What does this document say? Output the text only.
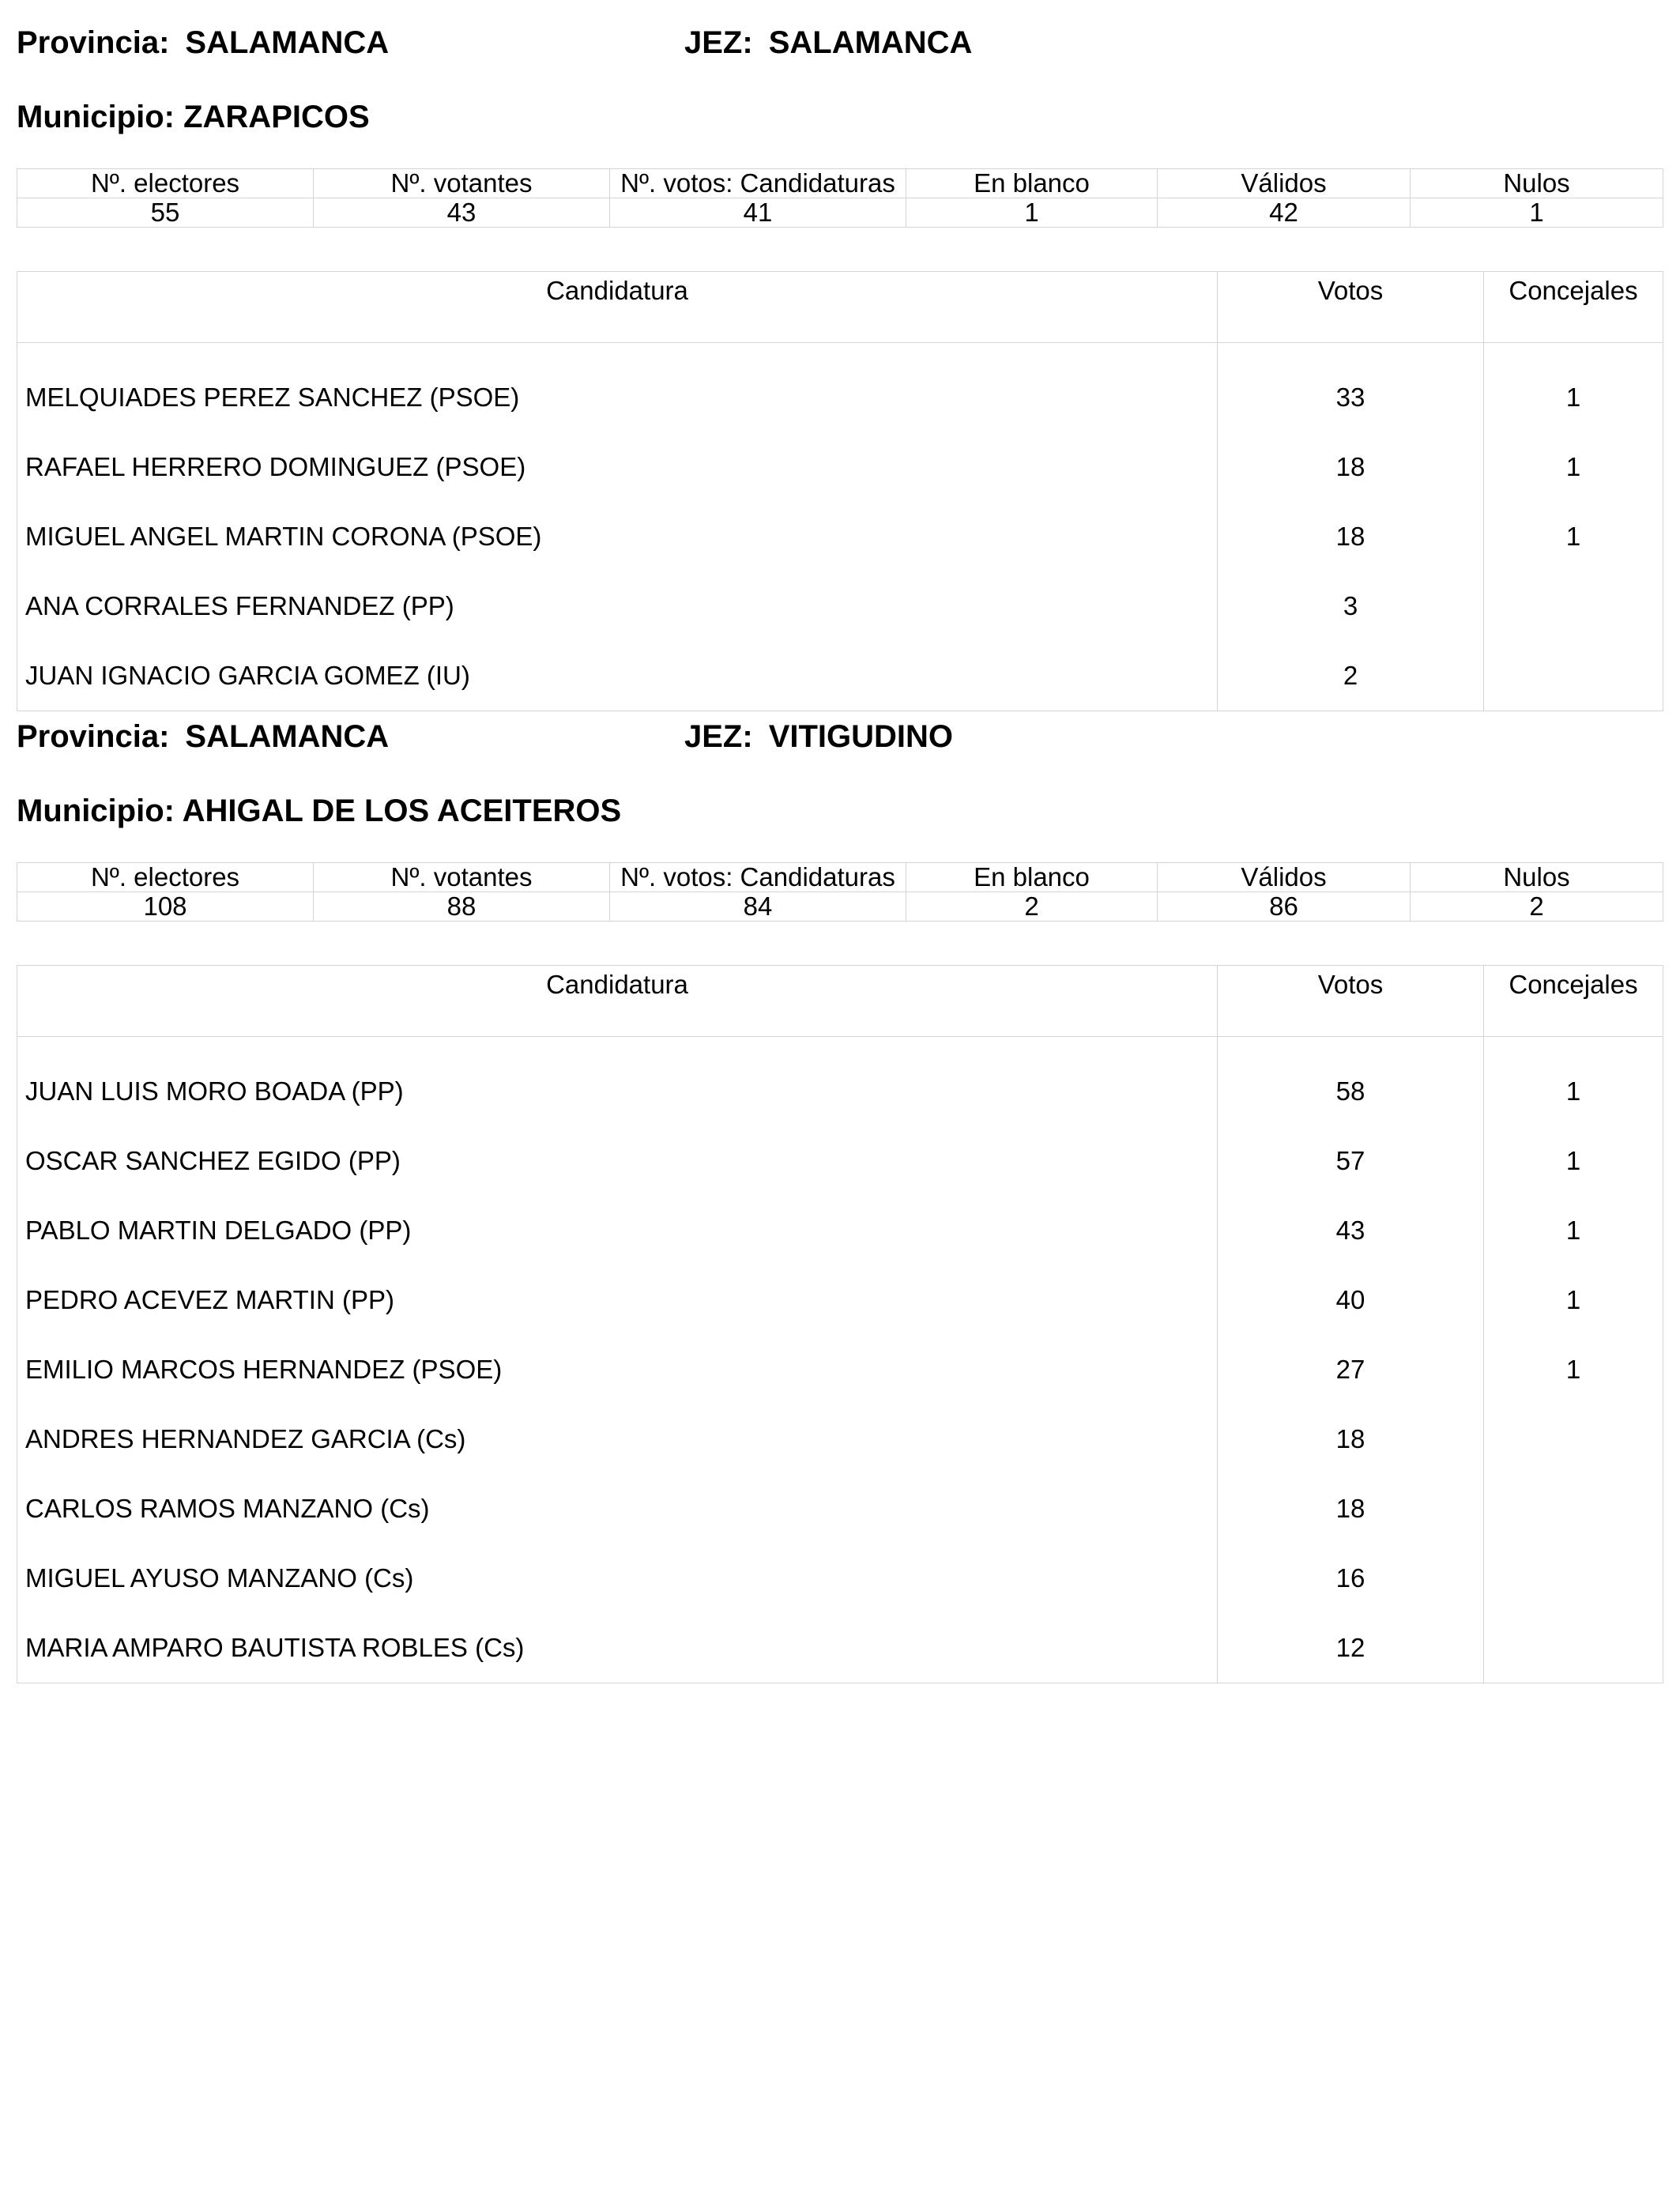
Provincia: SALAMANCA	JEZ: SALAMANCA
Municipio: ZARAPICOS
Nº. electores	Nº. votantes	Nº. votos: Candidaturas	En blanco	Válidos	Nulos
55	43	41	1	42	1
Candidatura	Votos	Concejales
MELQUIADES PEREZ SANCHEZ (PSOE)	33	1
RAFAEL HERRERO DOMINGUEZ (PSOE)	18	1
MIGUEL ANGEL MARTIN CORONA (PSOE)	18	1
ANA CORRALES FERNANDEZ (PP)	3	
JUAN IGNACIO GARCIA GOMEZ (IU)	2	
Provincia: SALAMANCA	JEZ: VITIGUDINO
Municipio: AHIGAL DE LOS ACEITEROS
Nº. electores	Nº. votantes	Nº. votos: Candidaturas	En blanco	Válidos	Nulos
108	88	84	2	86	2
Candidatura	Votos	Concejales
JUAN LUIS MORO BOADA (PP)	58	1
OSCAR SANCHEZ EGIDO (PP)	57	1
PABLO MARTIN DELGADO (PP)	43	1
PEDRO ACEVEZ MARTIN (PP)	40	1
EMILIO MARCOS HERNANDEZ (PSOE)	27	1
ANDRES HERNANDEZ GARCIA (Cs)	18	
CARLOS RAMOS MANZANO (Cs)	18	
MIGUEL AYUSO MANZANO (Cs)	16	
MARIA AMPARO BAUTISTA ROBLES (Cs)	12	
